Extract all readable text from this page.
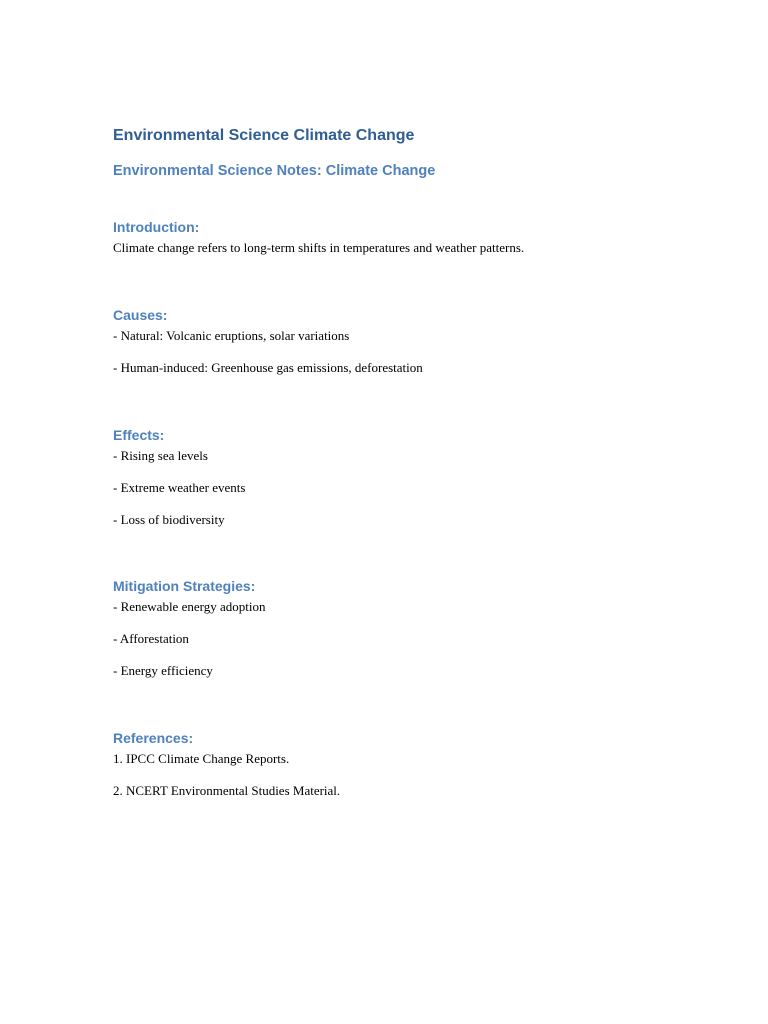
Environmental Science Climate Change
Environmental Science Notes: Climate Change
Introduction:

Climate change refers to long-term shifts in temperatures and weather patterns.

Causes:

- Natural: Volcanic eruptions, solar variations

- Human-induced: Greenhouse gas emissions, deforestation

Effects:

- Rising sea levels

- Extreme weather events

- Loss of biodiversity

Mitigation Strategies:

- Renewable energy adoption

- Afforestation

- Energy efficiency

References:

1. IPCC Climate Change Reports.

2. NCERT Environmental Studies Material.
